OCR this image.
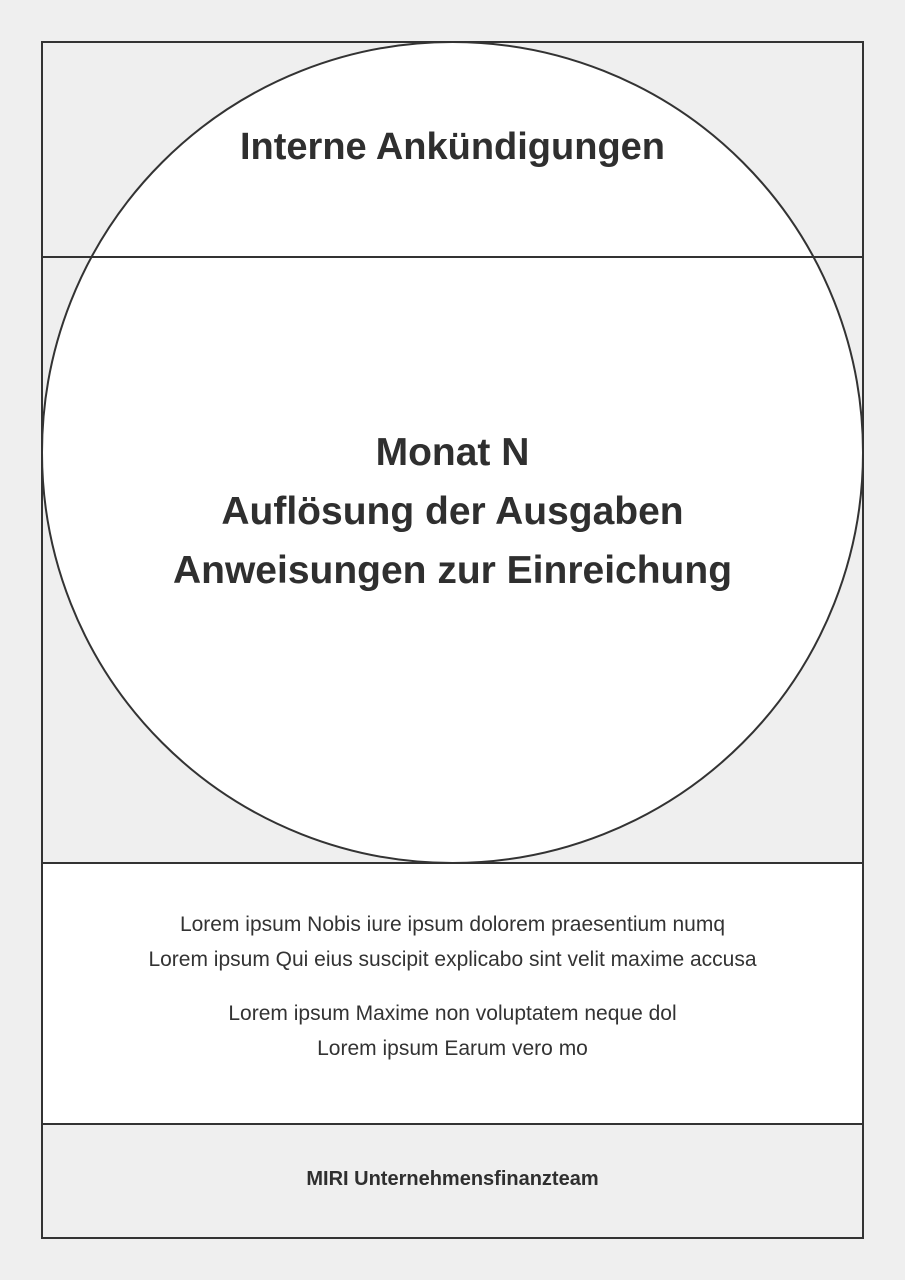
Interne Ankündigungen
Monat N
Auflösung der Ausgaben
Anweisungen zur Einreichung
Lorem ipsum Nobis iure ipsum dolorem praesentium numq
Lorem ipsum Qui eius suscipit explicabo sint velit maxime accusa
Lorem ipsum Maxime non voluptatem neque dol
Lorem ipsum Earum vero mo
MIRI Unternehmensfinanzteam
